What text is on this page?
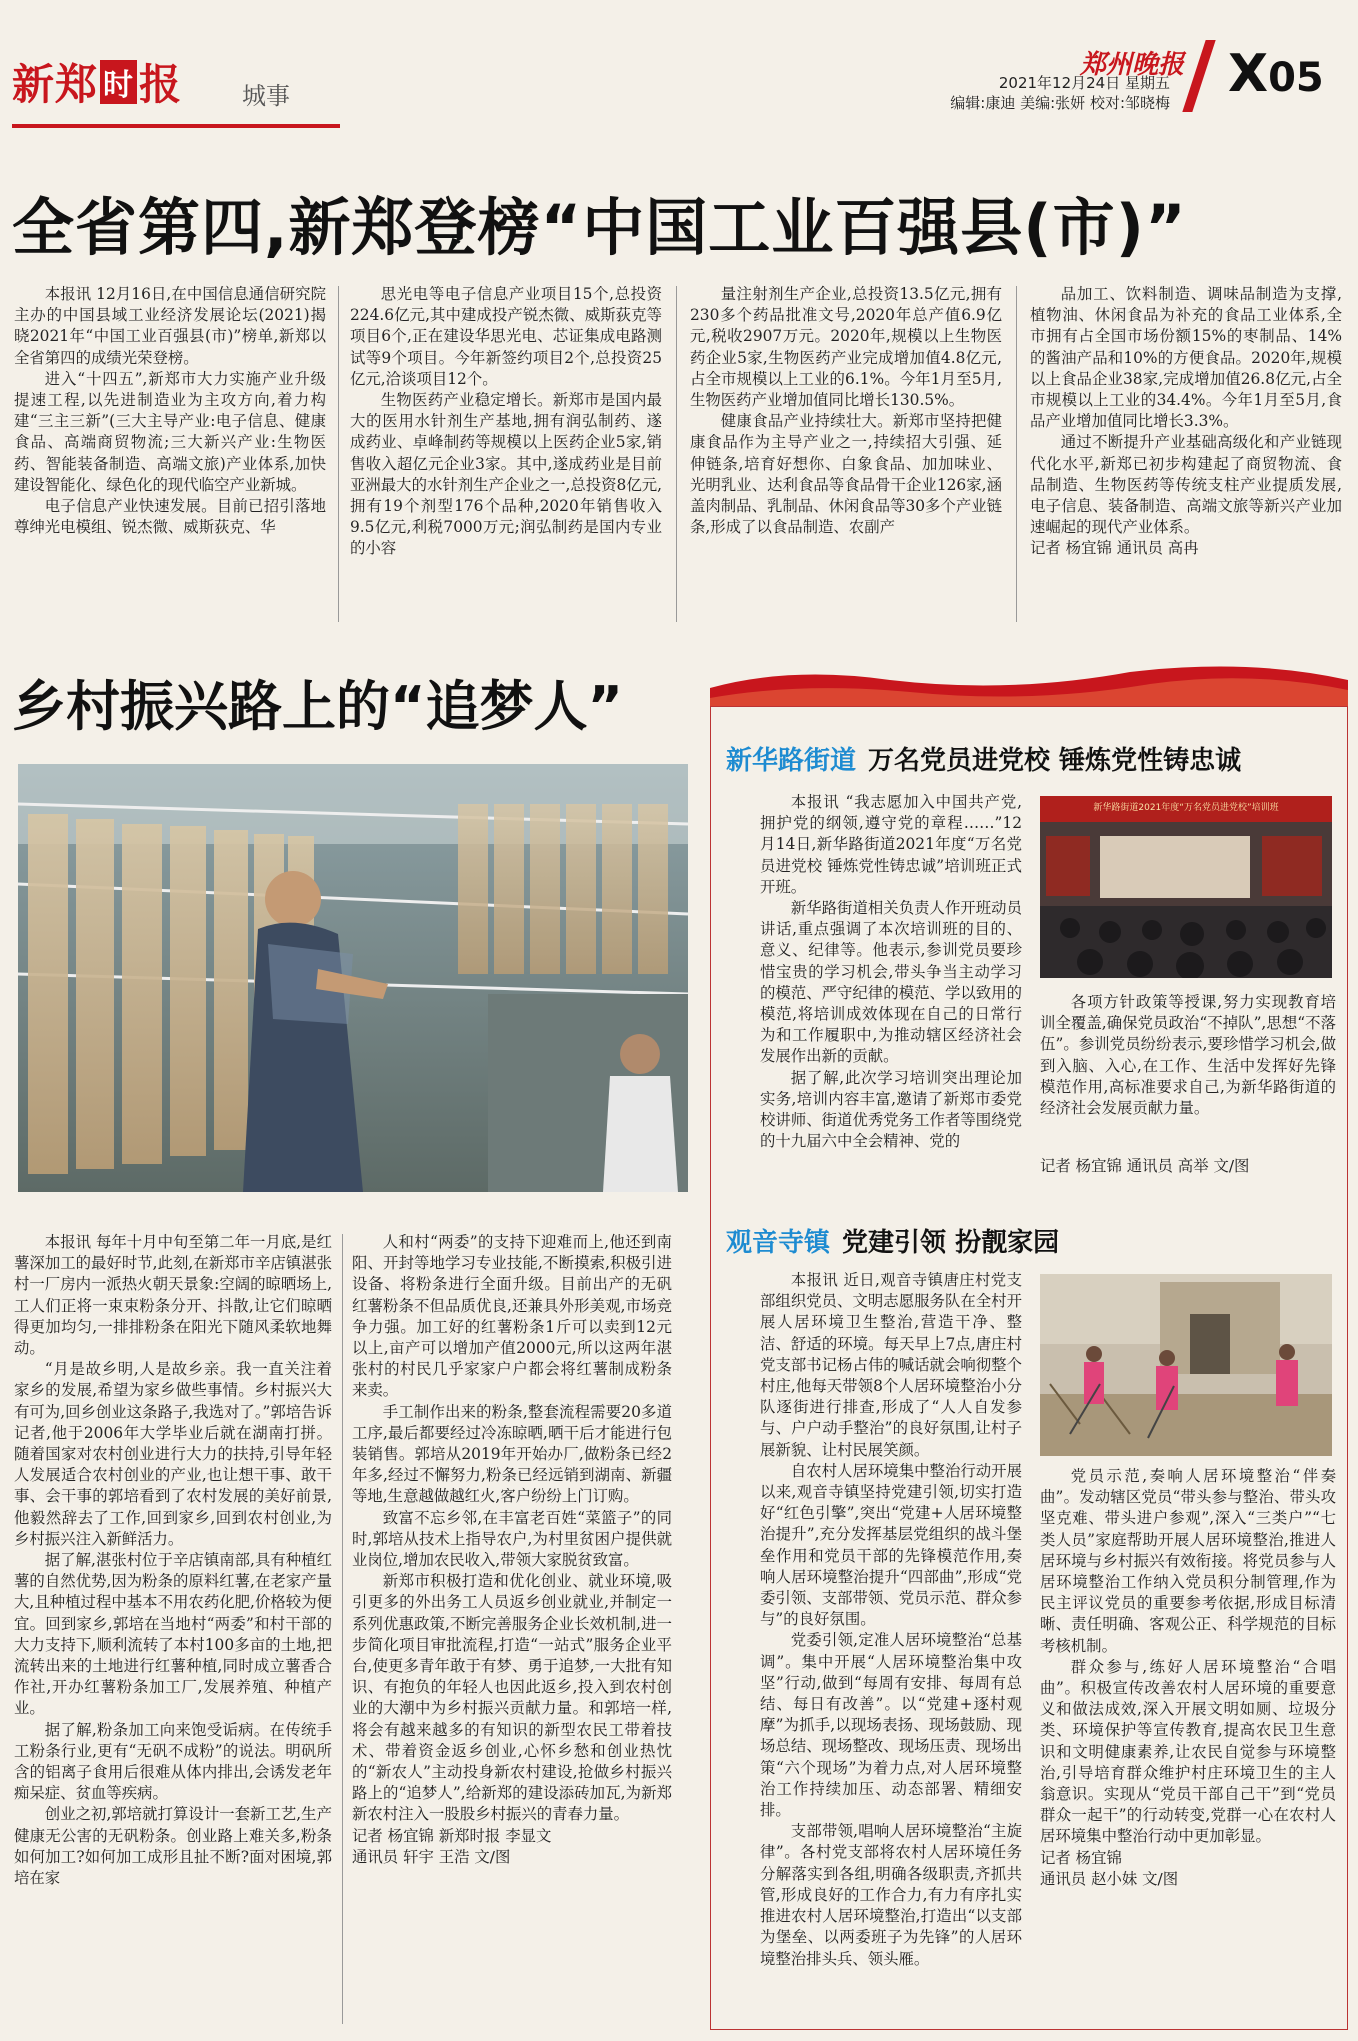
新郑 时 报 城事
郑州晚报
2021年12月24日 星期五
编辑:康迪 美编:张妍 校对:邹晓梅 X05
全省第四,新郑登榜“中国工业百强县(市)”

本报讯 12月16日,在中国信息通信研究院主办的中国县域工业经济发展论坛(2021)揭晓2021年“中国工业百强县(市)”榜单,新郑以全省第四的成绩光荣登榜。

进入“十四五”,新郑市大力实施产业升级提速工程,以先进制造业为主攻方向,着力构建“三主三新”(三大主导产业:电子信息、健康食品、高端商贸物流;三大新兴产业:生物医药、智能装备制造、高端文旅)产业体系,加快建设智能化、绿色化的现代临空产业新城。

电子信息产业快速发展。目前已招引落地尊绅光电模组、锐杰微、威斯荻克、华

思光电等电子信息产业项目15个,总投资224.6亿元,其中建成投产锐杰微、威斯荻克等项目6个,正在建设华思光电、芯证集成电路测试等9个项目。今年新签约项目2个,总投资25亿元,洽谈项目12个。

生物医药产业稳定增长。新郑市是国内最大的医用水针剂生产基地,拥有润弘制药、遂成药业、卓峰制药等规模以上医药企业5家,销售收入超亿元企业3家。其中,遂成药业是目前亚洲最大的水针剂生产企业之一,总投资8亿元,拥有19个剂型176个品种,2020年销售收入9.5亿元,利税7000万元;润弘制药是国内专业的小容

量注射剂生产企业,总投资13.5亿元,拥有230多个药品批准文号,2020年总产值6.9亿元,税收2907万元。2020年,规模以上生物医药企业5家,生物医药产业完成增加值4.8亿元,占全市规模以上工业的6.1%。今年1月至5月,生物医药产业增加值同比增长130.5%。

健康食品产业持续壮大。新郑市坚持把健康食品作为主导产业之一,持续招大引强、延伸链条,培育好想你、白象食品、加加味业、光明乳业、达利食品等食品骨干企业126家,涵盖肉制品、乳制品、休闲食品等30多个产业链条,形成了以食品制造、农副产

品加工、饮料制造、调味品制造为支撑,植物油、休闲食品为补充的食品工业体系,全市拥有占全国市场份额15%的枣制品、14%的酱油产品和10%的方便食品。2020年,规模以上食品企业38家,完成增加值26.8亿元,占全市规模以上工业的34.4%。今年1月至5月,食品产业增加值同比增长3.3%。

通过不断提升产业基础高级化和产业链现代化水平,新郑已初步构建起了商贸物流、食品制造、生物医药等传统支柱产业提质发展,电子信息、装备制造、高端文旅等新兴产业加速崛起的现代产业体系。

记者 杨宜锦 通讯员 高冉

乡村振兴路上的“追梦人”

本报讯 每年十月中旬至第二年一月底,是红薯深加工的最好时节,此刻,在新郑市辛店镇湛张村一厂房内一派热火朝天景象:空阔的晾晒场上,工人们正将一束束粉条分开、抖散,让它们晾晒得更加均匀,一排排粉条在阳光下随风柔软地舞动。

“月是故乡明,人是故乡亲。我一直关注着家乡的发展,希望为家乡做些事情。乡村振兴大有可为,回乡创业这条路子,我选对了。”郭培告诉记者,他于2006年大学毕业后就在湖南打拼。随着国家对农村创业进行大力的扶持,引导年轻人发展适合农村创业的产业,也让想干事、敢干事、会干事的郭培看到了农村发展的美好前景,他毅然辞去了工作,回到家乡,回到农村创业,为乡村振兴注入新鲜活力。

据了解,湛张村位于辛店镇南部,具有种植红薯的自然优势,因为粉条的原料红薯,在老家产量大,且种植过程中基本不用农药化肥,价格较为便宜。回到家乡,郭培在当地村“两委”和村干部的大力支持下,顺利流转了本村100多亩的土地,把流转出来的土地进行红薯种植,同时成立薯香合作社,开办红薯粉条加工厂,发展养殖、种植产业。

据了解,粉条加工向来饱受诟病。在传统手工粉条行业,更有“无矾不成粉”的说法。明矾所含的铝离子食用后很难从体内排出,会诱发老年痴呆症、贫血等疾病。

创业之初,郭培就打算设计一套新工艺,生产健康无公害的无矾粉条。创业路上难关多,粉条如何加工?如何加工成形且扯不断?面对困境,郭培在家

人和村“两委”的支持下迎难而上,他还到南阳、开封等地学习专业技能,不断摸索,积极引进设备、将粉条进行全面升级。目前出产的无矾红薯粉条不但品质优良,还兼具外形美观,市场竞争力强。加工好的红薯粉条1斤可以卖到12元以上,亩产可以增加产值2000元,所以这两年湛张村的村民几乎家家户户都会将红薯制成粉条来卖。

手工制作出来的粉条,整套流程需要20多道工序,最后都要经过冷冻晾晒,晒干后才能进行包装销售。郭培从2019年开始办厂,做粉条已经2年多,经过不懈努力,粉条已经远销到湖南、新疆等地,生意越做越红火,客户纷纷上门订购。

致富不忘乡邻,在丰富老百姓“菜篮子”的同时,郭培从技术上指导农户,为村里贫困户提供就业岗位,增加农民收入,带领大家脱贫致富。

新郑市积极打造和优化创业、就业环境,吸引更多的外出务工人员返乡创业就业,并制定一系列优惠政策,不断完善服务企业长效机制,进一步简化项目审批流程,打造“一站式”服务企业平台,使更多青年敢于有梦、勇于追梦,一大批有知识、有抱负的年轻人也因此返乡,投入到农村创业的大潮中为乡村振兴贡献力量。和郭培一样,将会有越来越多的有知识的新型农民工带着技术、带着资金返乡创业,心怀乡愁和创业热忱的“新农人”主动投身新农村建设,抢做乡村振兴路上的“追梦人”,给新郑的建设添砖加瓦,为新郑新农村注入一股股乡村振兴的青春力量。

记者 杨宜锦 新郑时报 李显文

通讯员 轩宇 王浩 文/图

新华路街道 万名党员进党校 锤炼党性铸忠诚

本报讯 “我志愿加入中国共产党,拥护党的纲领,遵守党的章程……”12月14日,新华路街道2021年度“万名党员进党校 锤炼党性铸忠诚”培训班正式开班。

新华路街道相关负责人作开班动员讲话,重点强调了本次培训班的目的、意义、纪律等。他表示,参训党员要珍惜宝贵的学习机会,带头争当主动学习的模范、严守纪律的模范、学以致用的模范,将培训成效体现在自己的日常行为和工作履职中,为推动辖区经济社会发展作出新的贡献。

据了解,此次学习培训突出理论加实务,培训内容丰富,邀请了新郑市委党校讲师、街道优秀党务工作者等围绕党的十九届六中全会精神、党的

新华路街道2021年度“万名党员进党校”培训班

各项方针政策等授课,努力实现教育培训全覆盖,确保党员政治“不掉队”,思想“不落伍”。参训党员纷纷表示,要珍惜学习机会,做到入脑、入心,在工作、生活中发挥好先锋模范作用,高标准要求自己,为新华路街道的经济社会发展贡献力量。

记者 杨宜锦 通讯员 高举 文/图

观音寺镇 党建引领 扮靓家园

本报讯 近日,观音寺镇唐庄村党支部组织党员、文明志愿服务队在全村开展人居环境卫生整治,营造干净、整洁、舒适的环境。每天早上7点,唐庄村党支部书记杨占伟的喊话就会响彻整个村庄,他每天带领8个人居环境整治小分队逐街进行排查,形成了“人人自发参与、户户动手整治”的良好氛围,让村子展新貌、让村民展笑颜。

自农村人居环境集中整治行动开展以来,观音寺镇坚持党建引领,切实打造好“红色引擎”,突出“党建+人居环境整治提升”,充分发挥基层党组织的战斗堡垒作用和党员干部的先锋模范作用,奏响人居环境整治提升“四部曲”,形成“党委引领、支部带领、党员示范、群众参与”的良好氛围。

党委引领,定准人居环境整治“总基调”。集中开展“人居环境整治集中攻坚”行动,做到“每周有安排、每周有总结、每日有改善”。以“党建+逐村观摩”为抓手,以现场表扬、现场鼓励、现场总结、现场整改、现场压责、现场出策“六个现场”为着力点,对人居环境整治工作持续加压、动态部署、精细安排。

支部带领,唱响人居环境整治“主旋律”。各村党支部将农村人居环境任务分解落实到各组,明确各级职责,齐抓共管,形成良好的工作合力,有力有序扎实推进农村人居环境整治,打造出“以支部为堡垒、以两委班子为先锋”的人居环境整治排头兵、领头雁。

党员示范,奏响人居环境整治“伴奏曲”。发动辖区党员“带头参与整治、带头攻坚克难、带头进户参观”,深入“三类户”“七类人员”家庭帮助开展人居环境整治,推进人居环境与乡村振兴有效衔接。将党员参与人居环境整治工作纳入党员积分制管理,作为民主评议党员的重要参考依据,形成目标清晰、责任明确、客观公正、科学规范的目标考核机制。

群众参与,练好人居环境整治“合唱曲”。积极宣传改善农村人居环境的重要意义和做法成效,深入开展文明如厕、垃圾分类、环境保护等宣传教育,提高农民卫生意识和文明健康素养,让农民自觉参与环境整治,引导培育群众维护村庄环境卫生的主人翁意识。实现从“党员干部自己干”到“党员群众一起干”的行动转变,党群一心在农村人居环境集中整治行动中更加彰显。

记者 杨宜锦

通讯员 赵小妹 文/图
